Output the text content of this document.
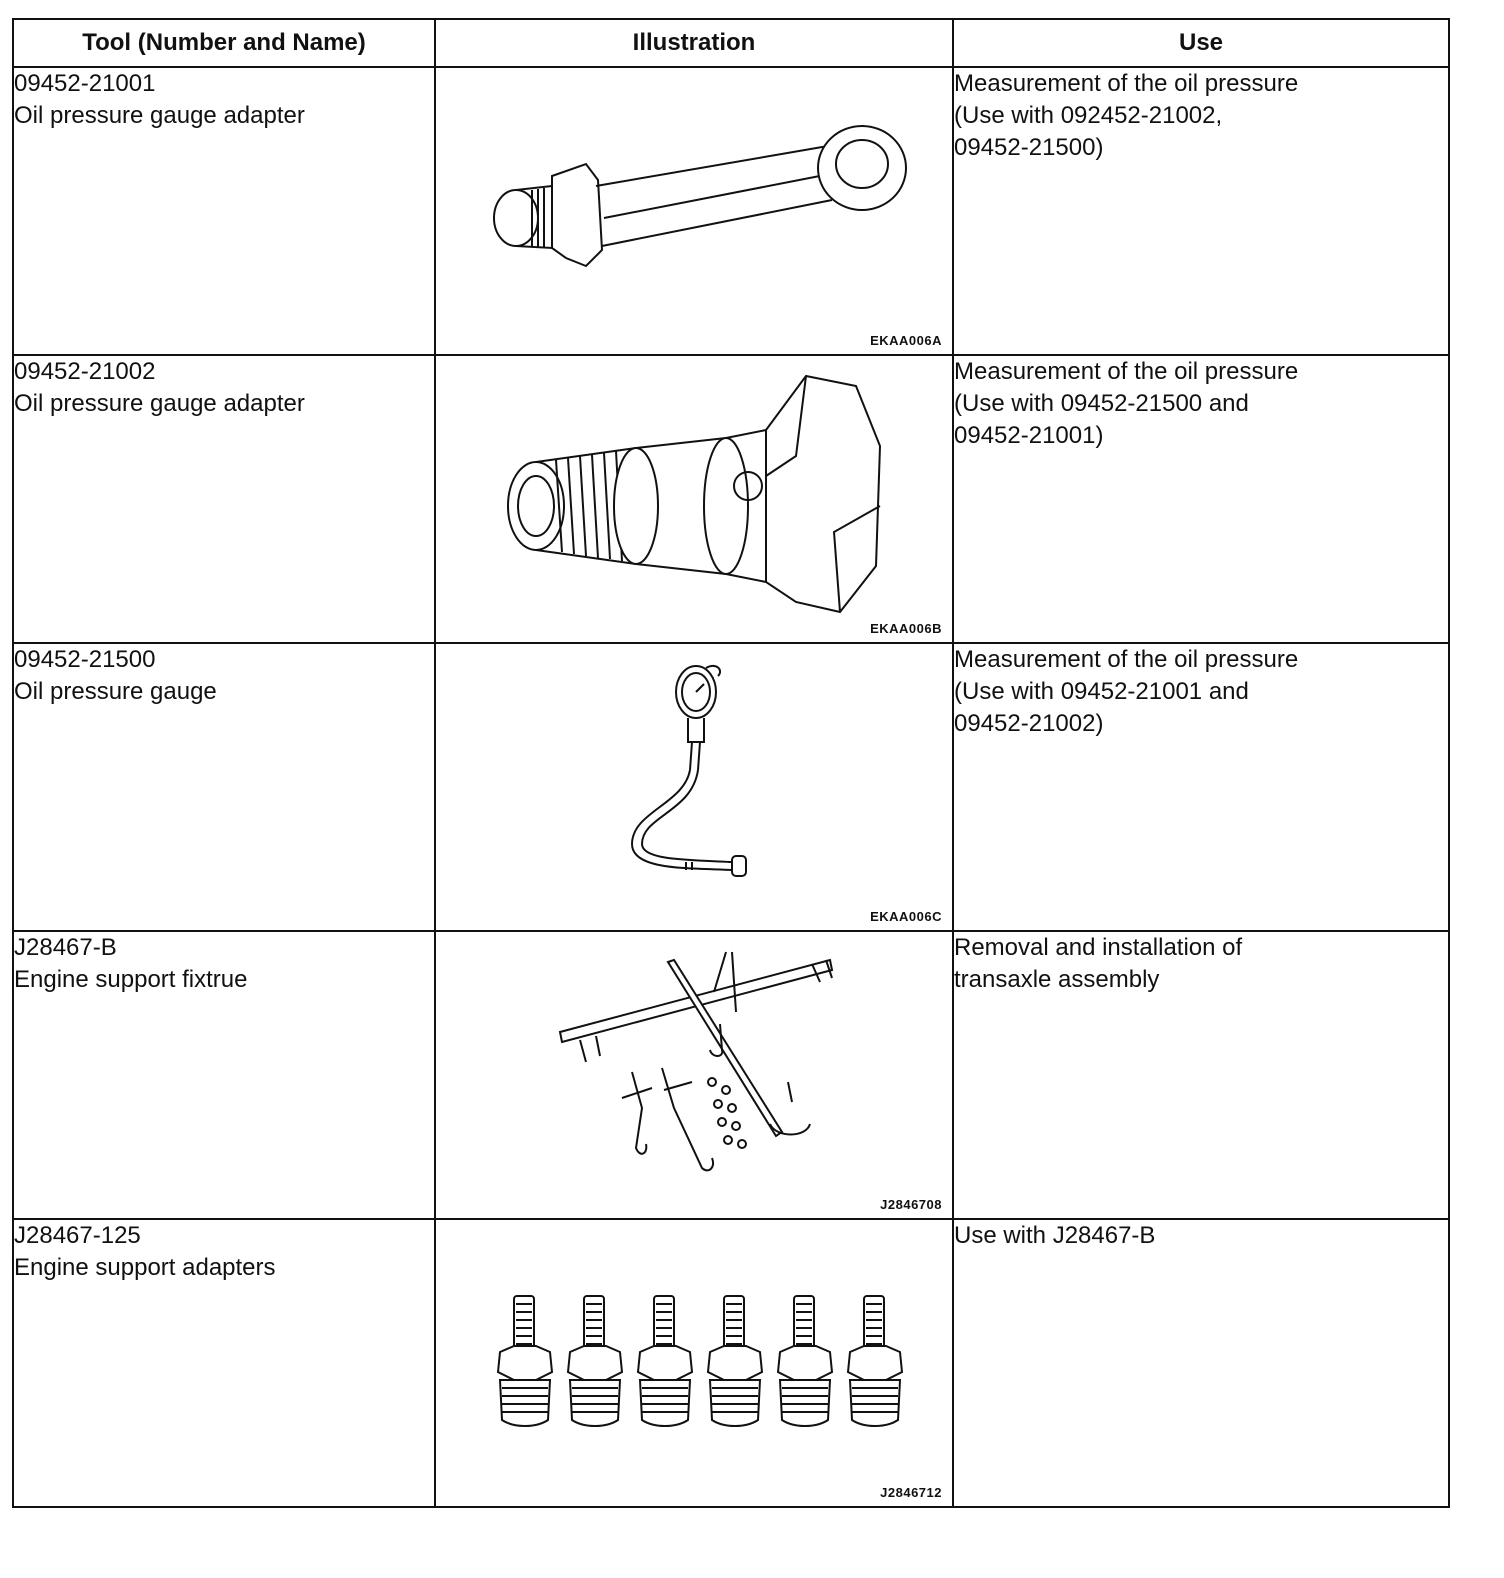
Tool (Number and Name)	Illustration	Use

09452-21001
Oil pressure gauge adapter	EKAA006A	Measurement of the oil pressure
(Use with 092452-21002,
09452-21500)

09452-21002
Oil pressure gauge adapter	EKAA006B	Measurement of the oil pressure
(Use with 09452-21500 and
09452-21001)

09452-21500
Oil pressure gauge	EKAA006C	Measurement of the oil pressure
(Use with 09452-21001 and
09452-21002)

J28467-B
Engine support fixtrue	J2846708	Removal and installation of
transaxle assembly

J28467-125
Engine support adapters	J2846712	Use with J28467-B
